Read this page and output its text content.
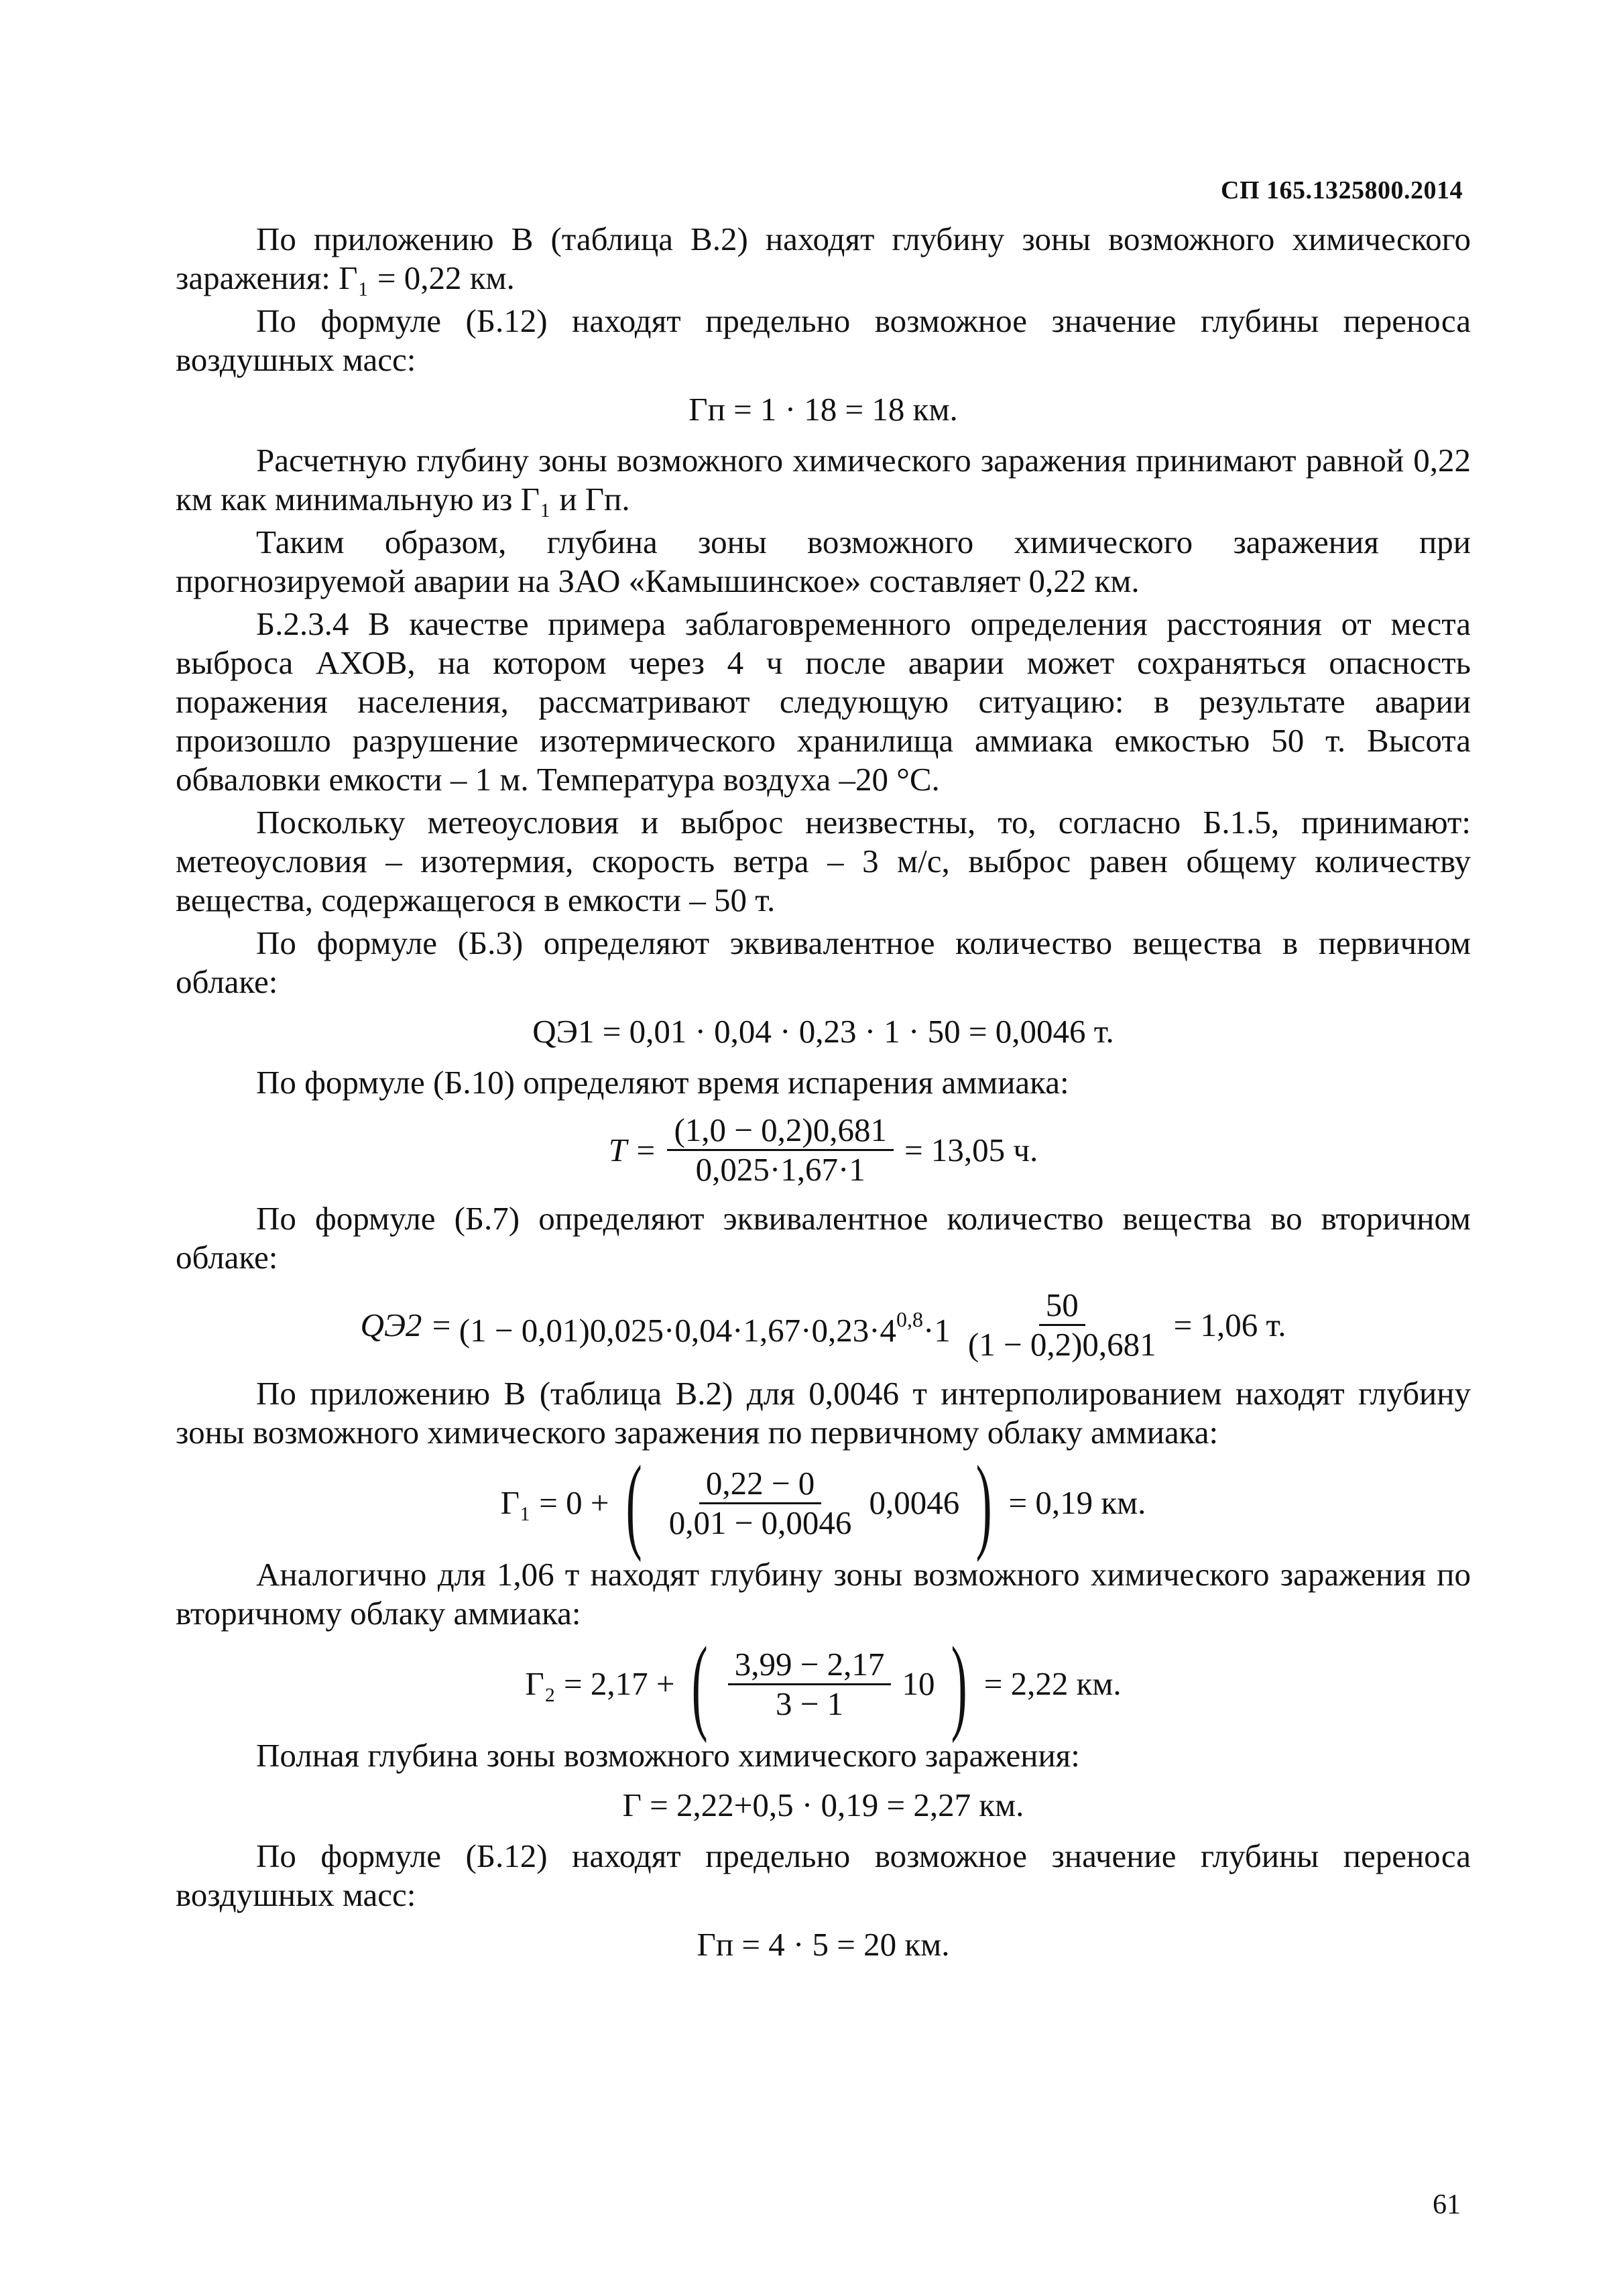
СП 165.1325800.2014

По приложению В (таблица В.2) находят глубину зоны возможного химического заражения: Г₁ = 0,22 км.

По формуле (Б.12) находят предельно возможное значение глубины переноса воздушных масс:

Гп = 1 · 18 = 18 км.

Расчетную глубину зоны возможного химического заражения принимают равной 0,22 км как минимальную из Г₁ и Гп.

Таким образом, глубина зоны возможного химического заражения при прогнозируемой аварии на ЗАО «Камышинское» составляет 0,22 км.

Б.2.3.4 В качестве примера заблаговременного определения расстояния от места выброса АХОВ, на котором через 4 ч после аварии может сохраняться опасность поражения населения, рассматривают следующую ситуацию: в результате аварии произошло разрушение изотермического хранилища аммиака емкостью 50 т. Высота обваловки емкости – 1 м. Температура воздуха –20 °С.

Поскольку метеоусловия и выброс неизвестны, то, согласно Б.1.5, принимают: метеоусловия – изотермия, скорость ветра – 3 м/с, выброс равен общему количеству вещества, содержащегося в емкости – 50 т.

По формуле (Б.3) определяют эквивалентное количество вещества в первичном облаке:

QЭ1 = 0,01 · 0,04 · 0,23 · 1 · 50 = 0,0046 т.

По формуле (Б.10) определяют время испарения аммиака:

$T = \frac{(1,0 - 0,2)0,681}{0,025\cdot 1,67\cdot 1} = 13,05$ ч.

По формуле (Б.7) определяют эквивалентное количество вещества во вторичном облаке:

$QЭ2 = (1 - 0,01)0,025\cdot 0,04\cdot 1,67\cdot 0,23\cdot 4^{0,8}\cdot 1 \frac{50}{(1 - 0,2)0,681} = 1,06$ т.

По приложению В (таблица В.2) для 0,0046 т интерполированием находят глубину зоны возможного химического заражения по первичному облаку аммиака:

Г₁ = 0 + ( $\frac{0,22 - 0}{0,01 - 0,0046} 0,0046$ ) = 0,19 км.

Аналогично для 1,06 т находят глубину зоны возможного химического заражения по вторичному облаку аммиака:

Г₂ = 2,17 + ( $\frac{3,99 - 2,17}{3 - 1} 10$ ) = 2,22 км.

Полная глубина зоны возможного химического заражения:

Г = 2,22+0,5 · 0,19 = 2,27 км.

По формуле (Б.12) находят предельно возможное значение глубины переноса воздушных масс:

Гп = 4 · 5 = 20 км.
61
